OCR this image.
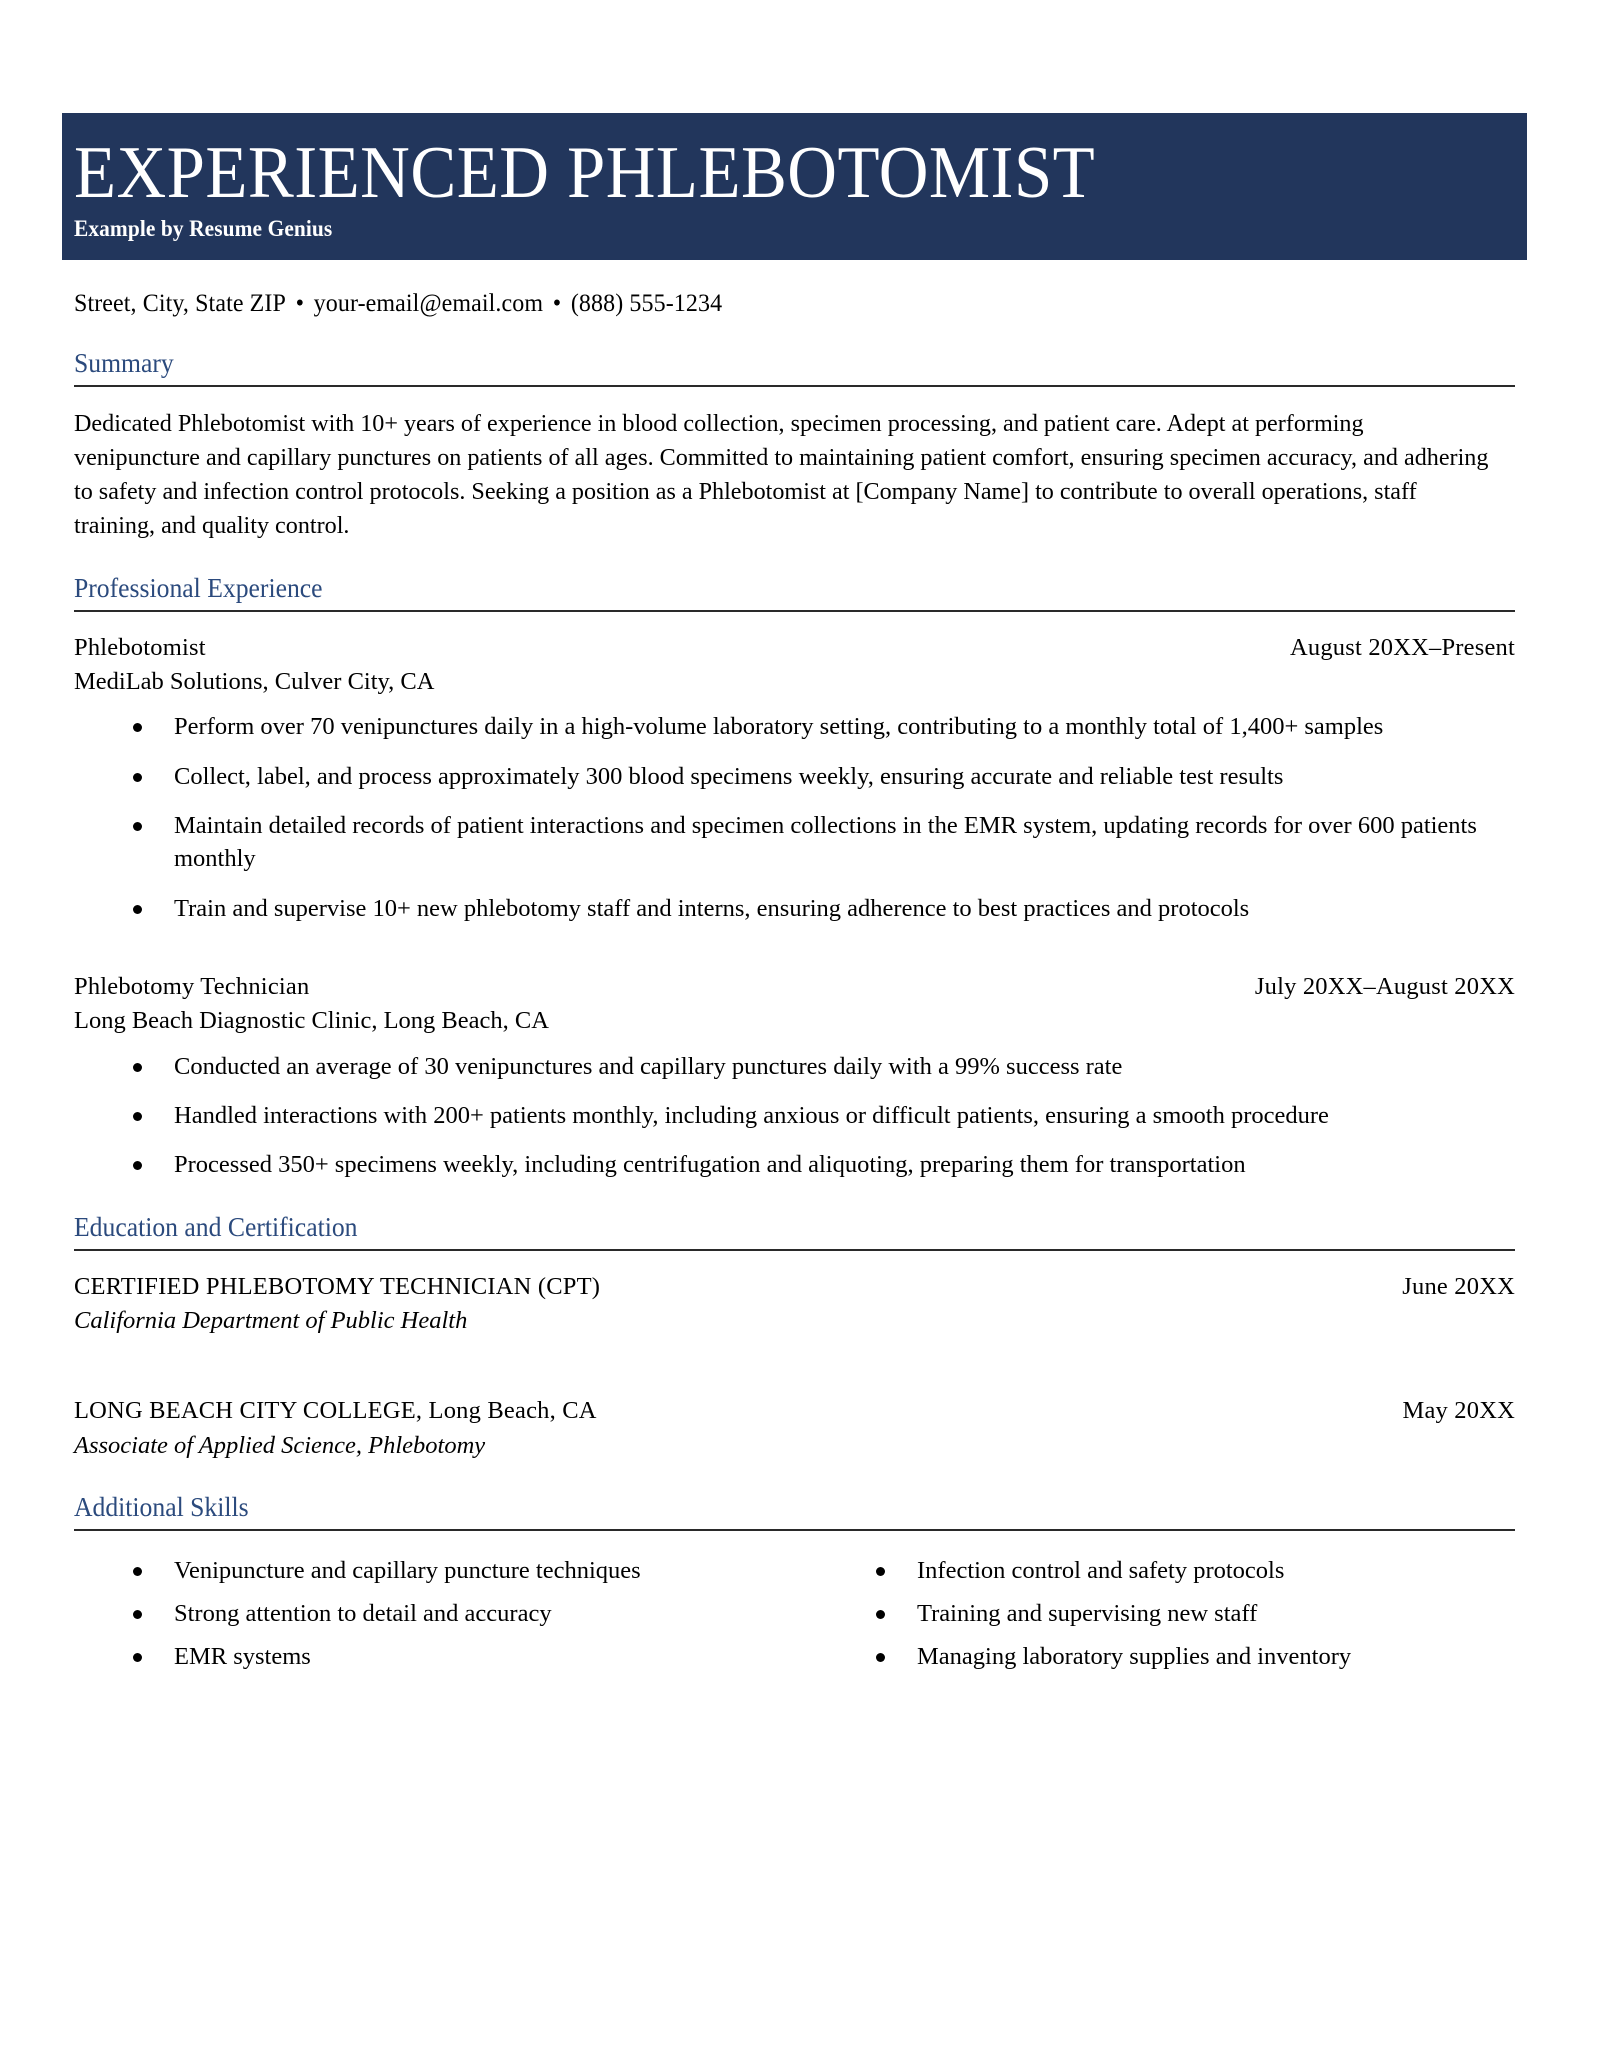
EXPERIENCED PHLEBOTOMIST
Example by Resume Genius
Street, City, State ZIP • your-email@email.com • (888) 555-1234
Summary
Dedicated Phlebotomist with 10+ years of experience in blood collection, specimen processing, and patient care. Adept at performing venipuncture and capillary punctures on patients of all ages. Committed to maintaining patient comfort, ensuring specimen accuracy, and adhering to safety and infection control protocols. Seeking a position as a Phlebotomist at [Company Name] to contribute to overall operations, staff training, and quality control.
Professional Experience
Phlebotomist	August 20XX–Present
MediLab Solutions, Culver City, CA
Perform over 70 venipunctures daily in a high-volume laboratory setting, contributing to a monthly total of 1,400+ samples
Collect, label, and process approximately 300 blood specimens weekly, ensuring accurate and reliable test results
Maintain detailed records of patient interactions and specimen collections in the EMR system, updating records for over 600 patients monthly
Train and supervise 10+ new phlebotomy staff and interns, ensuring adherence to best practices and protocols
Phlebotomy Technician	July 20XX–August 20XX
Long Beach Diagnostic Clinic, Long Beach, CA
Conducted an average of 30 venipunctures and capillary punctures daily with a 99% success rate
Handled interactions with 200+ patients monthly, including anxious or difficult patients, ensuring a smooth procedure
Processed 350+ specimens weekly, including centrifugation and aliquoting, preparing them for transportation
Education and Certification
CERTIFIED PHLEBOTOMY TECHNICIAN (CPT)	June 20XX
California Department of Public Health
LONG BEACH CITY COLLEGE, Long Beach, CA	May 20XX
Associate of Applied Science, Phlebotomy
Additional Skills
Venipuncture and capillary puncture techniques
Strong attention to detail and accuracy
EMR systems
Infection control and safety protocols
Training and supervising new staff
Managing laboratory supplies and inventory
